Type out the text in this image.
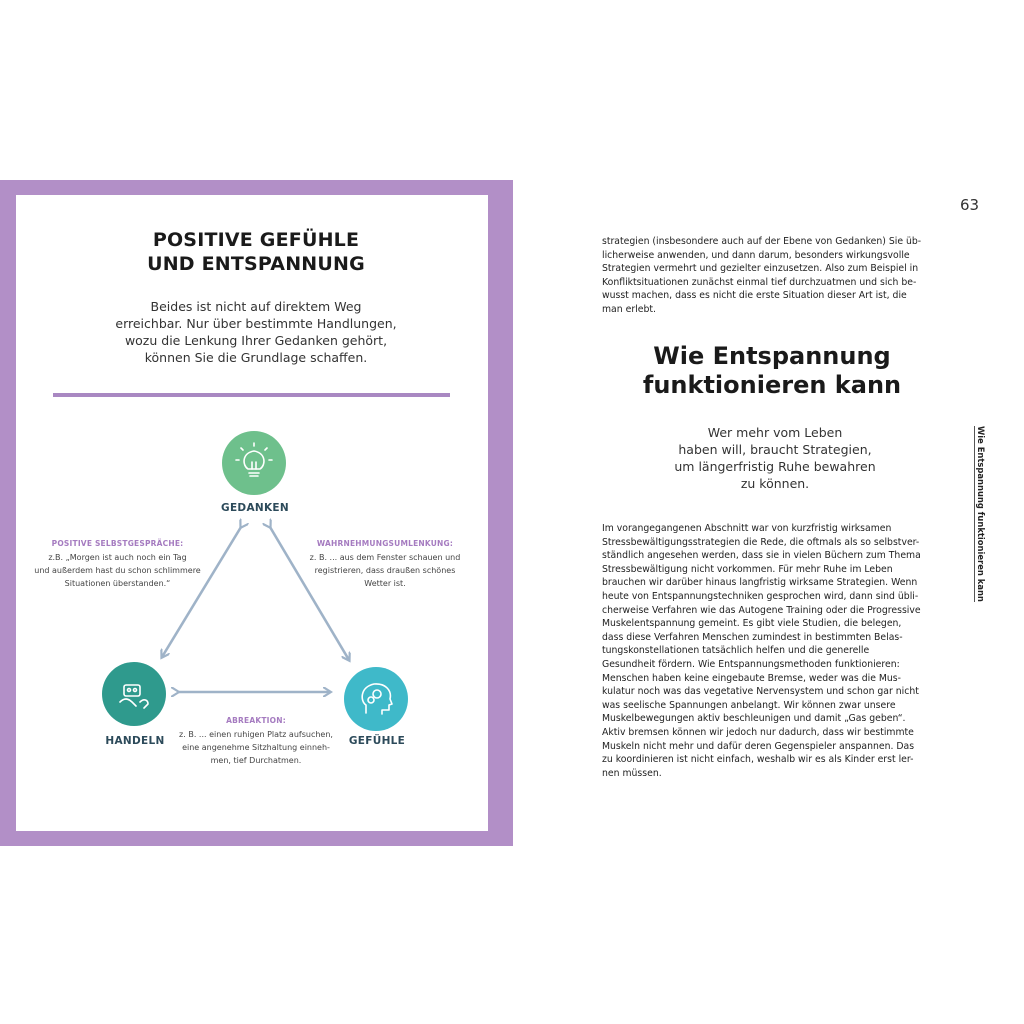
POSITIVE GEFÜHLE
UND ENTSPANNUNG
Beides ist nicht auf direktem Weg
erreichbar. Nur über bestimmte Handlungen,
wozu die Lenkung Ihrer Gedanken gehört,
können Sie die Grundlage schaffen.
GEDANKEN
HANDELN	GEFÜHLE
POSITIVE SELBSTGESPRÄCHE:
z.B. „Morgen ist auch noch ein Tag
und außerdem hast du schon schlimmere
Situationen überstanden.“
WAHRNEHMUNGSUMLENKUNG:
z. B. ... aus dem Fenster schauen und
registrieren, dass draußen schönes
Wetter ist.
ABREAKTION:
z. B. ... einen ruhigen Platz aufsuchen,
eine angenehme Sitzhaltung einneh-
men, tief Durchatmen.
63
strategien (insbesondere auch auf der Ebene von Gedanken) Sie üb-
licherweise anwenden, und dann darum, besonders wirkungsvolle
Strategien vermehrt und gezielter einzusetzen. Also zum Beispiel in
Konfliktsituationen zunächst einmal tief durchzuatmen und sich be-
wusst machen, dass es nicht die erste Situation dieser Art ist, die
man erlebt.
Wie Entspannung
funktionieren kann
Wer mehr vom Leben
haben will, braucht Strategien,
um längerfristig Ruhe bewahren
zu können.
Im vorangegangenen Abschnitt war von kurzfristig wirksamen
Stressbewältigungsstrategien die Rede, die oftmals als so selbstver-
ständlich angesehen werden, dass sie in vielen Büchern zum Thema
Stressbewältigung nicht vorkommen. Für mehr Ruhe im Leben
brauchen wir darüber hinaus langfristig wirksame Strategien. Wenn
heute von Entspannungstechniken gesprochen wird, dann sind übli-
cherweise Verfahren wie das Autogene Training oder die Progressive
Muskelentspannung gemeint. Es gibt viele Studien, die belegen,
dass diese Verfahren Menschen zumindest in bestimmten Belas-
tungskonstellationen tatsächlich helfen und die generelle
Gesundheit fördern. Wie Entspannungsmethoden funktionieren:
Menschen haben keine eingebaute Bremse, weder was die Mus-
kulatur noch was das vegetative Nervensystem und schon gar nicht
was seelische Spannungen anbelangt. Wir können zwar unsere
Muskelbewegungen aktiv beschleunigen und damit „Gas geben“.
Aktiv bremsen können wir jedoch nur dadurch, dass wir bestimmte
Muskeln nicht mehr und dafür deren Gegenspieler anspannen. Das
zu koordinieren ist nicht einfach, weshalb wir es als Kinder erst ler-
nen müssen.
Wie Entspannung funktionieren kann
